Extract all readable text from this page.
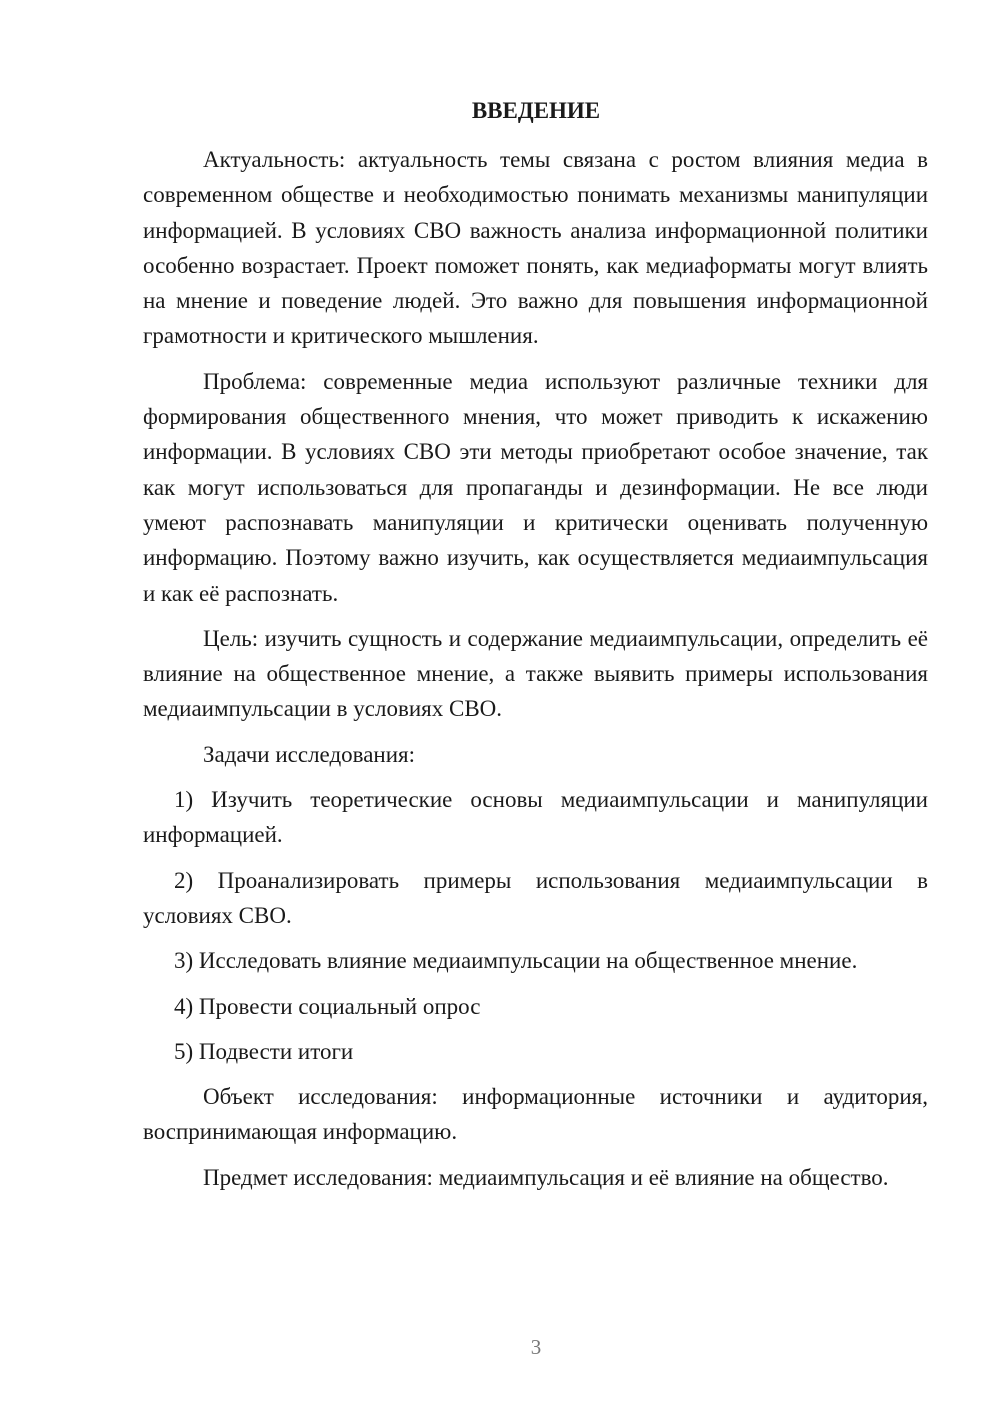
ВВЕДЕНИЕ

Актуальность: актуальность темы связана с ростом влияния медиа в современном обществе и необходимостью понимать механизмы манипуляции информацией. В условиях СВО важность анализа информационной политики особенно возрастает. Проект поможет понять, как медиаформаты могут влиять на мнение и поведение людей. Это важно для повышения информационной грамотности и критического мышления.

Проблема: современные медиа используют различные техники для формирования общественного мнения, что может приводить к искажению информации. В условиях СВО эти методы приобретают особое значение, так как могут использоваться для пропаганды и дезинформации. Не все люди умеют распознавать манипуляции и критически оценивать полученную информацию. Поэтому важно изучить, как осуществляется медиаимпульсация и как её распознать.

Цель: изучить сущность и содержание медиаимпульсации, определить её влияние на общественное мнение, а также выявить примеры использования медиаимпульсации в условиях СВО.

Задачи исследования:

1) Изучить теоретические основы медиаимпульсации и манипуляции информацией.

2) Проанализировать примеры использования медиаимпульсации в условиях СВО.

3) Исследовать влияние медиаимпульсации на общественное мнение.

4) Провести социальный опрос

5) Подвести итоги

Объект исследования: информационные источники и аудитория, воспринимающая информацию.

Предмет исследования: медиаимпульсация и её влияние на общество.

3
